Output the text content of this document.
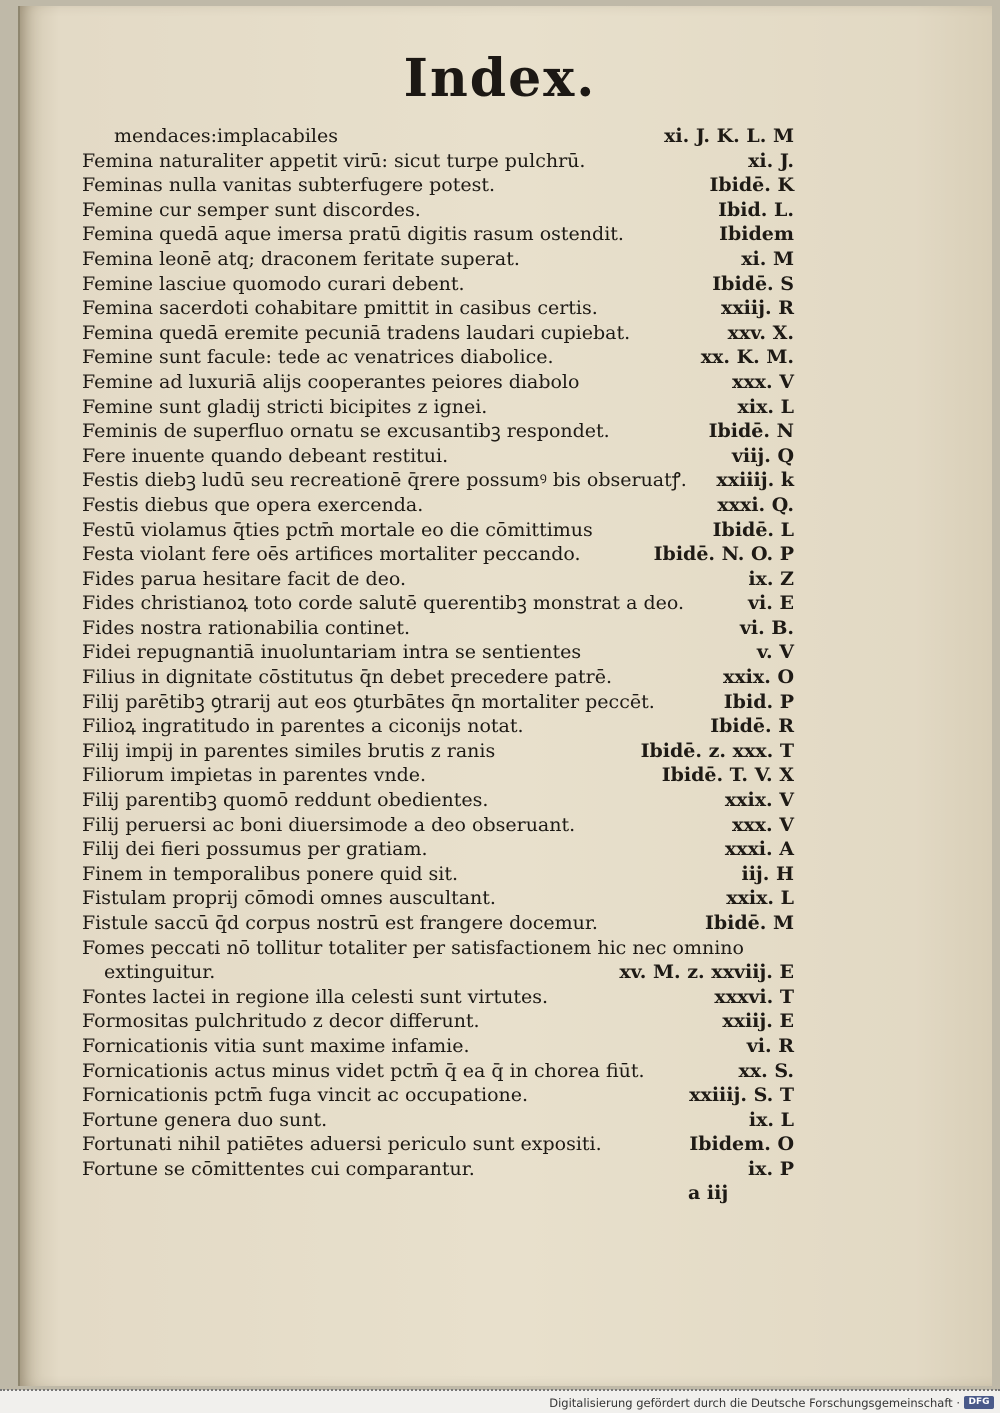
Index.
mendaces:implacabiles	xi. J. K. L. M
Femina naturaliter appetit virū: sicut turpe pulchrū.	xi. J.
Feminas nulla vanitas subterfugere potest.	Ibidē. K
Femine cur semper sunt discordes.	Ibid. L.
Femina quedā aque imersa pratū digitis rasum ostendit.	Ibidem
Femina leonē atq; draconem feritate superat.	xi. M
Femine lasciue quomodo curari debent.	Ibidē. S
Femina sacerdoti cohabitare pmittit in casibus certis.	xxiij. R
Femina quedā eremite pecuniā tradens laudari cupiebat.	xxv. X.
Femine sunt facule: tede ac venatrices diabolice.	xx. K. M.
Femine ad luxuriā alijs cooperantes peiores diabolo	xxx. V
Femine sunt gladij stricti bicipites z ignei.	xix. L
Feminis de superfluo ornatu se excusantibꝫ respondet.	Ibidē. N
Fere inuente quando debeant restitui.	viij. Q
Festis diebꝫ ludū seu recreationē q̄rere possumꝰ bis obseruatꝭ.	xxiiij. k
Festis diebus que opera exercenda.	xxxi. Q.
Festū violamus q̄ties pctm̄ mortale eo die cōmittimus	Ibidē. L
Festa violant fere oēs artifices mortaliter peccando.	Ibidē. N. O. P
Fides parua hesitare facit de deo.	ix. Z
Fides christianoꝝ toto corde salutē querentibꝫ monstrat a deo.	vi. E
Fides nostra rationabilia continet.	vi. B.
Fidei repugnantiā inuoluntariam intra se sentientes	v. V
Filius in dignitate cōstitutus q̄n debet precedere patrē.	xxix. O
Filij parētibꝫ ꝯtrarij aut eos ꝯturbātes q̄n mortaliter peccēt.	Ibid. P
Filioꝝ ingratitudo in parentes a ciconijs notat.	Ibidē. R
Filij impij in parentes similes brutis z ranis	Ibidē. z. xxx. T
Filiorum impietas in parentes vnde.	Ibidē. T. V. X
Filij parentibꝫ quomō reddunt obedientes.	xxix. V
Filij peruersi ac boni diuersimode a deo obseruant.	xxx. V
Filij dei fieri possumus per gratiam.	xxxi. A
Finem in temporalibus ponere quid sit.	iij. H
Fistulam proprij cōmodi omnes auscultant.	xxix. L
Fistule saccū q̄d corpus nostrū est frangere docemur.	Ibidē. M
Fomes peccati nō tollitur totaliter per satisfactionem hic nec omnino
extinguitur.	xv. M. z. xxviij. E
Fontes lactei in regione illa celesti sunt virtutes.	xxxvi. T
Formositas pulchritudo z decor differunt.	xxiij. E
Fornicationis vitia sunt maxime infamie.	vi. R
Fornicationis actus minus videt pctm̄ q̄ ea q̄ in chorea fiūt.	xx. S.
Fornicationis pctm̄ fuga vincit ac occupatione.	xxiiij. S. T
Fortune genera duo sunt.	ix. L
Fortunati nihil patiētes aduersi periculo sunt expositi.	Ibidem. O
Fortune se cōmittentes cui comparantur.	ix. P
a iij
Digitalisierung gefördert durch die Deutsche Forschungsgemeinschaft · DFG
